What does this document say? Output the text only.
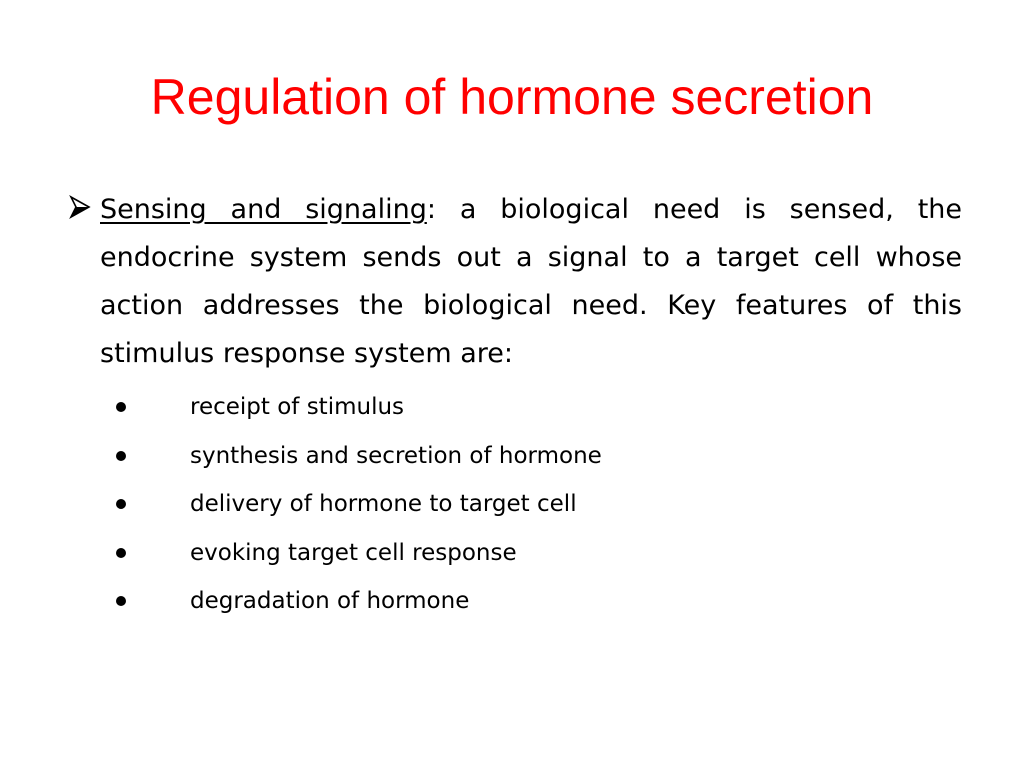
Regulation of hormone secretion
Sensing and signaling: a biological need is sensed, the endocrine system sends out a signal to a target cell whose action addresses the biological need. Key features of this stimulus response system are:
receipt of stimulus
synthesis and secretion of hormone
delivery of hormone to target cell
evoking target cell response
degradation of hormone
